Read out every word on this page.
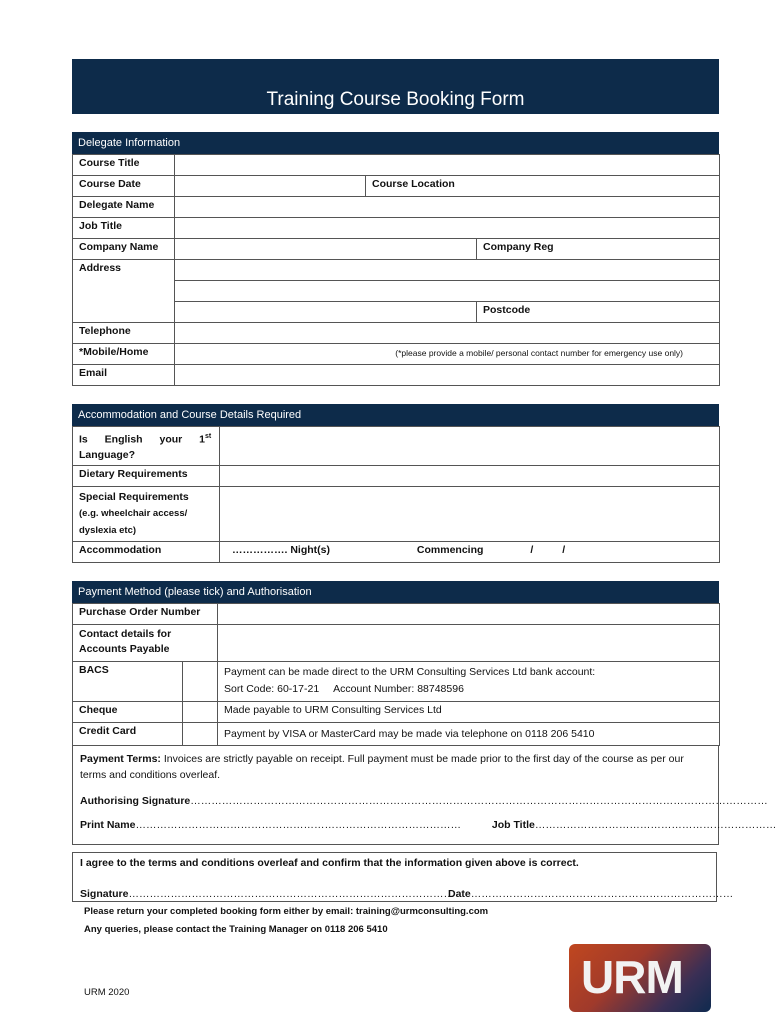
Training Course Booking Form
Delegate Information
Course Title			
Course Date		Course Location	
Delegate Name			
Job Title			
Company Name			Company Reg
Address			

			Postcode
Telephone			
*Mobile/Home	(*please provide a mobile/ personal contact number for emergency use only)		

Email			
Accommodation and Course Details Required
Is English your 1st
Language?	
Dietary Requirements	
Special Requirements
(e.g. wheelchair access/
dyslexia etc)	
Accommodation	……………. Night(s) Commencing / /
Payment Method (please tick) and Authorisation
Purchase Order Number		
Contact details for
Accounts Payable		
BACS		Payment can be made direct to the URM Consulting Services Ltd bank account:
Sort Code: 60-17-21     Account Number: 88748596
Cheque		Made payable to URM Consulting Services Ltd
Credit Card		Payment by VISA or MasterCard may be made via telephone on 0118 206 5410
Payment Terms: Invoices are strictly payable on receipt. Full payment must be made prior to the first day of the course as per our terms and conditions overleaf.
Authorising Signature…………………………………………………………………………………………………………………………………………………
Print Name…………………………………………………………………………………	Job Title……………………………………………………………
I agree to the terms and conditions overleaf and confirm that the information given above is correct.
Signature…………………………………………………………………………………
Date…………………………………………………………………
Please return your completed booking form either by email: training@urmconsulting.com
Any queries, please contact the Training Manager on 0118 206 5410
URM 2020	URM
